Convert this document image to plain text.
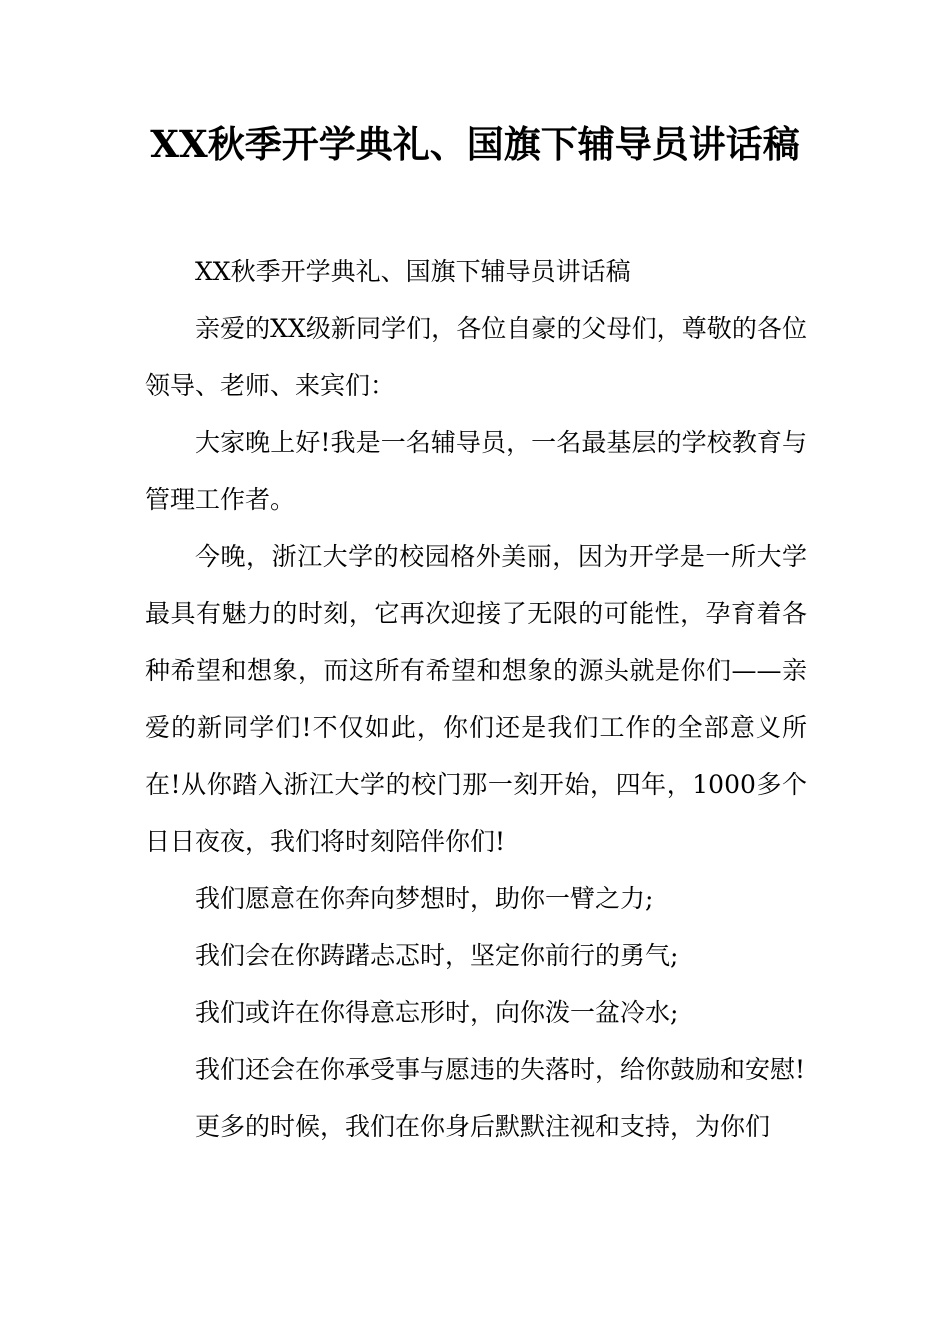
XX秋季开学典礼、国旗下辅导员讲话稿

XX秋季开学典礼、国旗下辅导员讲话稿

亲爱的XX级新同学们，各位自豪的父母们，尊敬的各位领导、老师、来宾们：

大家晚上好!我是一名辅导员，一名最基层的学校教育与管理工作者。

今晚，浙江大学的校园格外美丽，因为开学是一所大学最具有魅力的时刻，它再次迎接了无限的可能性，孕育着各种希望和想象，而这所有希望和想象的源头就是你们——亲爱的新同学们!不仅如此，你们还是我们工作的全部意义所在!从你踏入浙江大学的校门那一刻开始，四年，1000多个日日夜夜，我们将时刻陪伴你们!

我们愿意在你奔向梦想时，助你一臂之力;

我们会在你踌躇忐忑时，坚定你前行的勇气;

我们或许在你得意忘形时，向你泼一盆冷水;

我们还会在你承受事与愿违的失落时，给你鼓励和安慰!

更多的时候，我们在你身后默默注视和支持，为你们
